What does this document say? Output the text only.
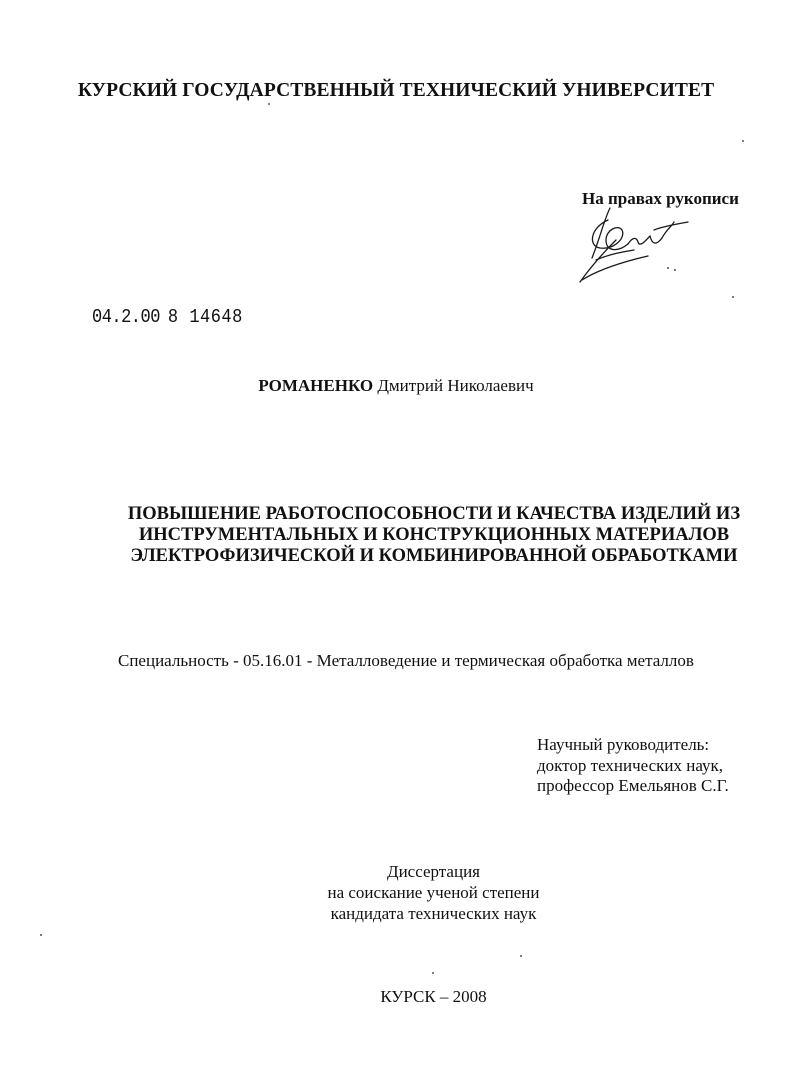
КУРСКИЙ ГОСУДАРСТВЕННЫЙ ТЕХНИЧЕСКИЙ УНИВЕРСИТЕТ
На правах рукописи
04.2.00 8 14648
РОМАНЕНКО Дмитрий Николаевич
ПОВЫШЕНИЕ РАБОТОСПОСОБНОСТИ И КАЧЕСТВА ИЗДЕЛИЙ ИЗ
ИНСТРУМЕНТАЛЬНЫХ И КОНСТРУКЦИОННЫХ МАТЕРИАЛОВ
ЭЛЕКТРОФИЗИЧЕСКОЙ И КОМБИНИРОВАННОЙ ОБРАБОТКАМИ
Специальность - 05.16.01 - Металловедение и термическая обработка металлов
Научный руководитель:
доктор технических наук,
профессор Емельянов С.Г.
Диссертация
на соискание ученой степени
кандидата технических наук
КУРСК – 2008
